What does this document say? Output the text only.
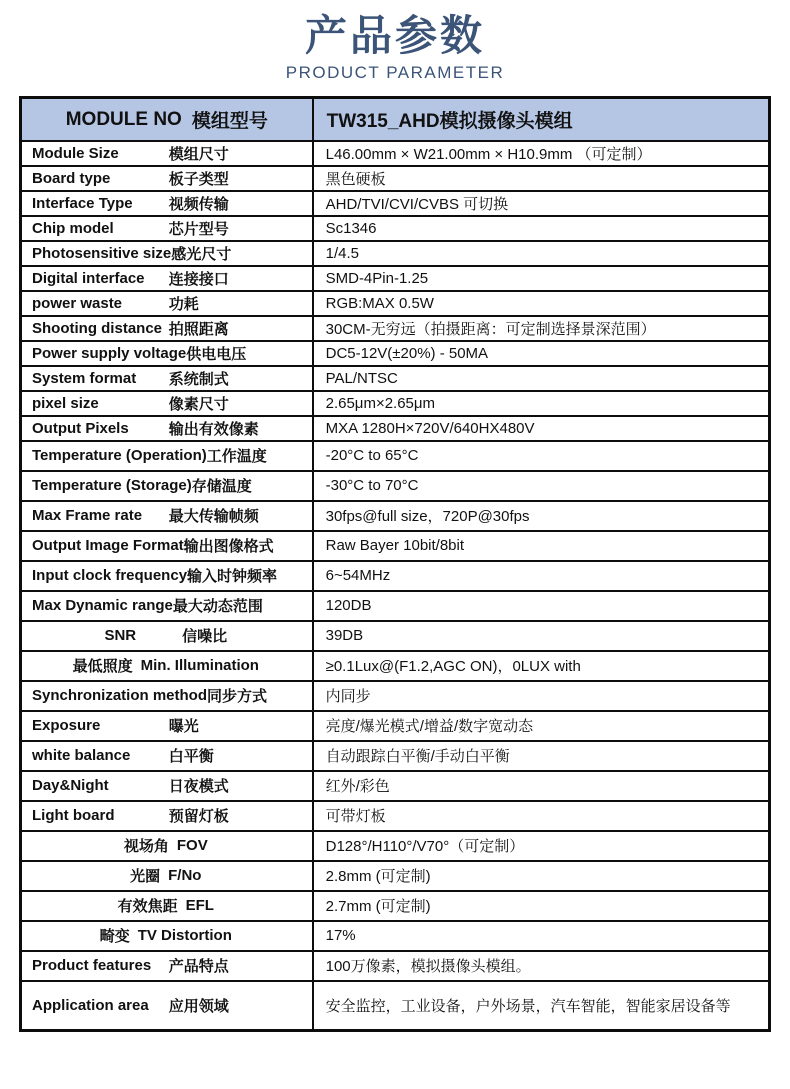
产品参数
PRODUCT PARAMETER
MODULE NO 模组型号	TW315_AHD模拟摄像头模组

Module Size 模组尺寸	L46.00mm × W21.00mm × H10.9mm （可定制）

Board type 板子类型	黑色硬板

Interface Type 视频传输	AHD/TVI/CVI/CVBS 可切换

Chip model 芯片型号	Sc1346

Photosensitive size 感光尺寸	1/4.5

Digital interface 连接接口	SMD-4Pin-1.25

power waste 功耗	RGB:MAX 0.5W

Shooting distance 拍照距离	30CM-无穷远（拍摄距离：可定制选择景深范围）

Power supply voltage 供电电压	DC5-12V(±20%) - 50MA

System format 系统制式	PAL/NTSC

pixel size 像素尺寸	2.65μm×2.65μm

Output Pixels 输出有效像素	MXA 1280H×720V/640HX480V

Temperature (Operation) 工作温度	-20°C to 65°C

Temperature (Storage) 存储温度	-30°C to 70°C

Max Frame rate 最大传输帧频	30fps@full size，720P@30fps

Output Image Format 输出图像格式	Raw Bayer 10bit/8bit

Input clock frequency 输入时钟频率	6~54MHz

Max Dynamic range 最大动态范围	120DB

SNR 信噪比	39DB

最低照度 Min. Illumination	≥0.1Lux@(F1.2,AGC ON)，0LUX with

Synchronization method 同步方式	内同步

Exposure 曝光	亮度/爆光模式/增益/数字宽动态

white balance 白平衡	自动跟踪白平衡/手动白平衡

Day&Night 日夜模式	红外/彩色

Light board 预留灯板	可带灯板

视场角 FOV	D128°/H110°/V70°（可定制）

光圈 F/No	2.8mm (可定制)

有效焦距 EFL	2.7mm (可定制)

畸变 TV Distortion	17%

Product features 产品特点	100万像素，模拟摄像头模组。

Application area 应用领域	安全监控，工业设备，户外场景，汽车智能，智能家居设备等
